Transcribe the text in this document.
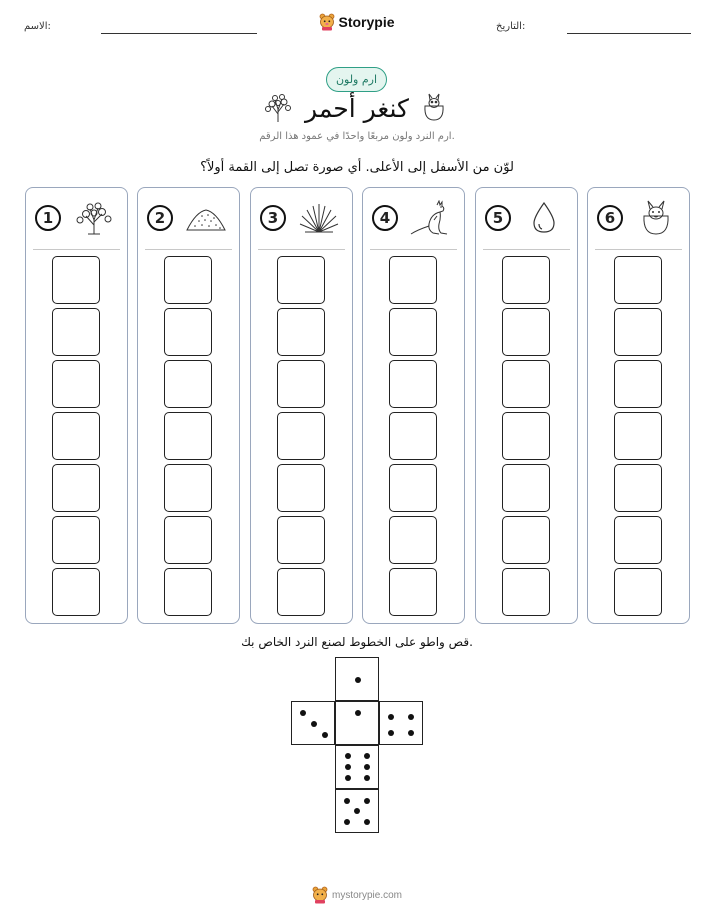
الاسم:	Storypie	التاريخ:
ارم ولون
كنغر أحمر
ارم النرد ولون مربعًا واحدًا في عمود هذا الرقم.
لوّن من الأسفل إلى الأعلى. أي صورة تصل إلى القمة أولاً؟
1	2	3	4	5	6
قص واطو على الخطوط لصنع النرد الخاص بك.
mystorypie.com
